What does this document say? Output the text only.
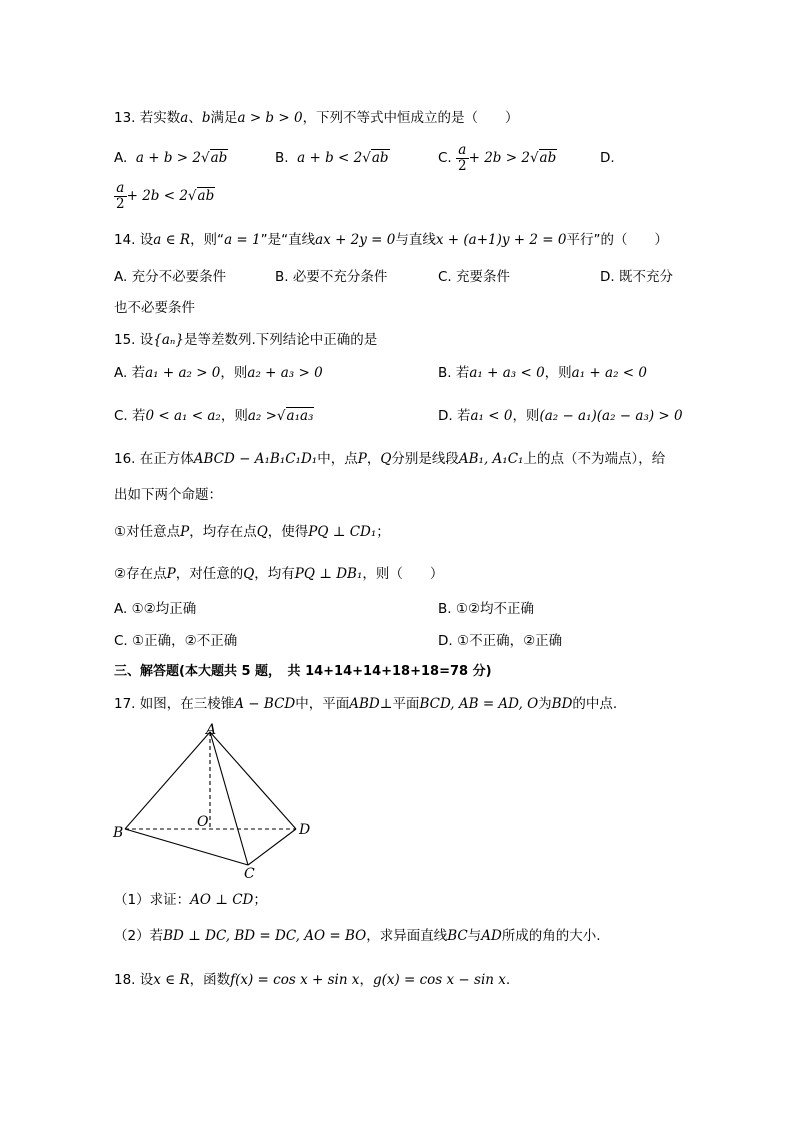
13. 若实数a、b满足a > b > 0，下列不等式中恒成立的是（　　）
A. a + b > 2√ab	B. a + b < 2√ab	C. $\frac{a}{2} + 2b > 2√ab$	D.
$\frac{a}{2} + 2b < 2√ab$
14. 设a ∈ R，则“a = 1”是“直线ax + 2y = 0与直线x + (a+1)y + 2 = 0平行”的（　　）
A. 充分不必要条件	B. 必要不充分条件	C. 充要条件	D. 既不充分
也不必要条件
15. 设{aₙ}是等差数列.下列结论中正确的是
A. 若a₁ + a₂ > 0，则a₂ + a₃ > 0	B. 若a₁ + a₃ < 0，则a₁ + a₂ < 0
C. 若0 < a₁ < a₂，则a₂ >√a₁a₃	D. 若a₁ < 0，则(a₂ − a₁)(a₂ − a₃) > 0
16. 在正方体ABCD − A₁B₁C₁D₁中，点P，Q分别是线段AB₁, A₁C₁上的点（不为端点），给
出如下两个命题：
①对任意点P，均存在点Q，使得PQ ⊥ CD₁；
②存在点P，对任意的Q，均有PQ ⊥ DB₁，则（　　）
A. ①②均正确	B. ①②均不正确
C. ①正确，②不正确	D. ①不正确，②正确
三、解答题(本大题共 5 题，　共 14+14+14+18+18=78 分)
17. 如图，在三棱锥A − BCD中，平面ABD⊥平面BCD, AB = AD, O为BD的中点.
A
B
C
D
O
（1）求证：AO ⊥ CD；
（2）若BD ⊥ DC, BD = DC, AO = BO，求异面直线BC与AD所成的角的大小.
18. 设x ∈ R，函数f(x) = cos x + sin x，g(x) = cos x − sin x.
